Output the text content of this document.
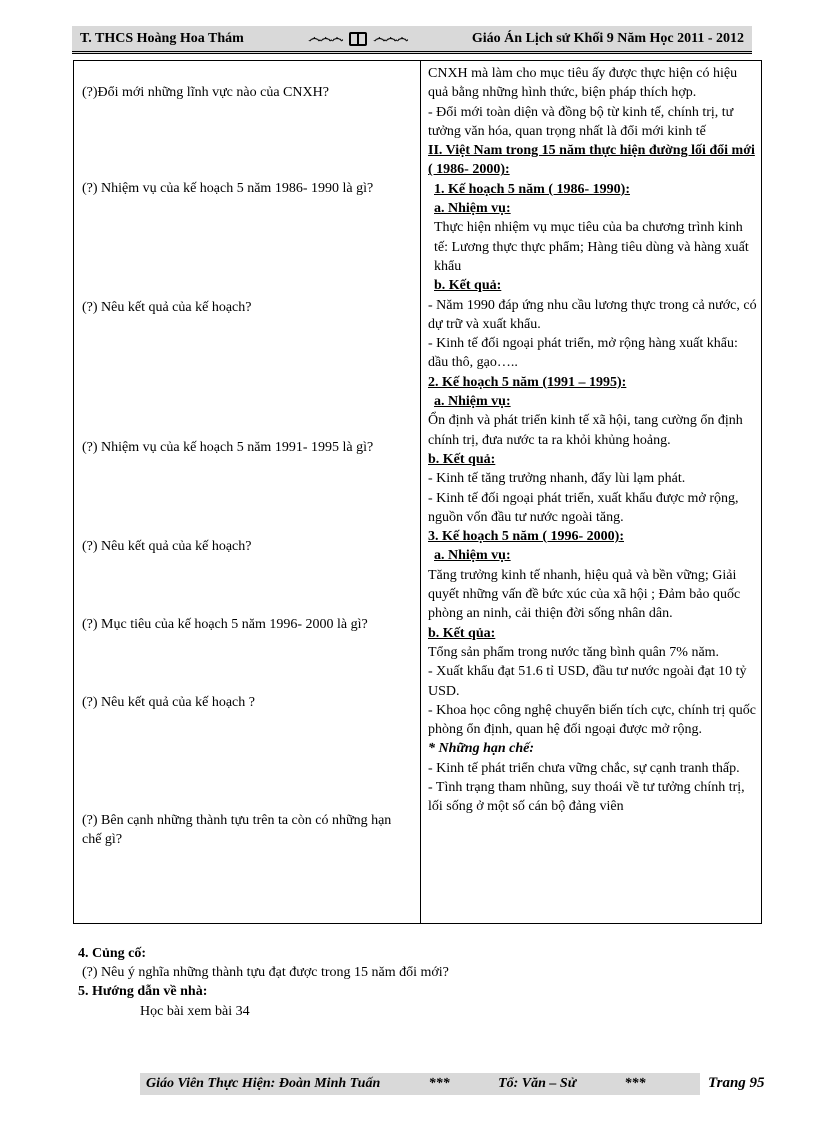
T. THCS Hoàng Hoa Thám	෴෴෴ ෴෴෴	Giáo Án Lịch sử Khối 9 Năm Học 2011 - 2012
(?)Đổi mới những lĩnh vực nào của CNXH?
(?) Nhiệm vụ của kế hoạch 5 năm 1986- 1990 là gì?
(?) Nêu kết quả của kế hoạch?
(?) Nhiệm vụ của kế hoạch 5 năm 1991- 1995 là gì?
(?) Nêu kết quả của kế hoạch?
(?) Mục tiêu của kế hoạch 5 năm 1996- 2000 là gì?
(?) Nêu kết quả của kế hoạch ?
(?) Bên cạnh những thành tựu trên ta còn có những hạn chế gì?

CNXH mà làm cho mục tiêu ấy được thực hiện có hiệu quả bằng những hình thức, biện pháp thích hợp.

- Đổi mới toàn diện và đồng bộ từ kinh tế, chính trị, tư tưởng văn hóa, quan trọng nhất là đổi mới kinh tế

II. Việt Nam trong 15 năm thực hiện đường lối đổi mới ( 1986- 2000):

1. Kế hoạch 5 năm ( 1986- 1990):

a. Nhiệm vụ:

Thực hiện nhiệm vụ mục tiêu của ba chương trình kinh tế: Lương thực thực phẩm; Hàng tiêu dùng và hàng xuất khẩu

b. Kết quả:

- Năm 1990 đáp ứng nhu cầu lương thực trong cả nước, có dự trữ và xuất khẩu.

- Kinh tế đối ngoại phát triển, mở rộng hàng xuất khẩu: dầu thô, gạo…..

2. Kế hoạch 5 năm (1991 – 1995):

a. Nhiệm vụ:

Ổn định và phát triển kinh tế xã hội, tang cường ổn định chính trị, đưa nước ta ra khỏi khủng hoảng.

b. Kết quả:

- Kinh tế tăng trưởng nhanh, đẩy lùi lạm phát.

- Kinh tế đối ngoại phát triển, xuất khẩu được mở rộng, nguồn vốn đầu tư nước ngoài tăng.

3. Kế hoạch 5 năm ( 1996- 2000):

a. Nhiệm vụ:

Tăng trưởng kinh tế nhanh, hiệu quả và bền vững; Giải quyết những vấn đề bức xúc của xã hội ; Đảm bảo quốc phòng an ninh, cải thiện đời sống nhân dân.

b. Kết qủa:

Tổng sản phẩm trong nước tăng bình quân 7% năm.

- Xuất khẩu đạt 51.6 tỉ USD, đầu tư nước ngoài đạt 10 tỷ USD.

- Khoa học công nghệ chuyển biến tích cực, chính trị quốc phòng ổn định, quan hệ đối ngoại được mở rộng.

* Những hạn chế:

- Kinh tế phát triển chưa vững chắc, sự cạnh tranh thấp.

- Tình trạng tham nhũng, suy thoái về tư tưởng chính trị, lối sống ở một số cán bộ đảng viên

4. Củng cố:
(?) Nêu ý nghĩa những thành tựu đạt được trong 15 năm đổi mới?
5. Hướng dẫn về nhà:
Học bài xem bài 34
Giáo Viên Thực Hiện: Đoàn Minh Tuấn	***	Tổ: Văn – Sử	***	Trang 95
